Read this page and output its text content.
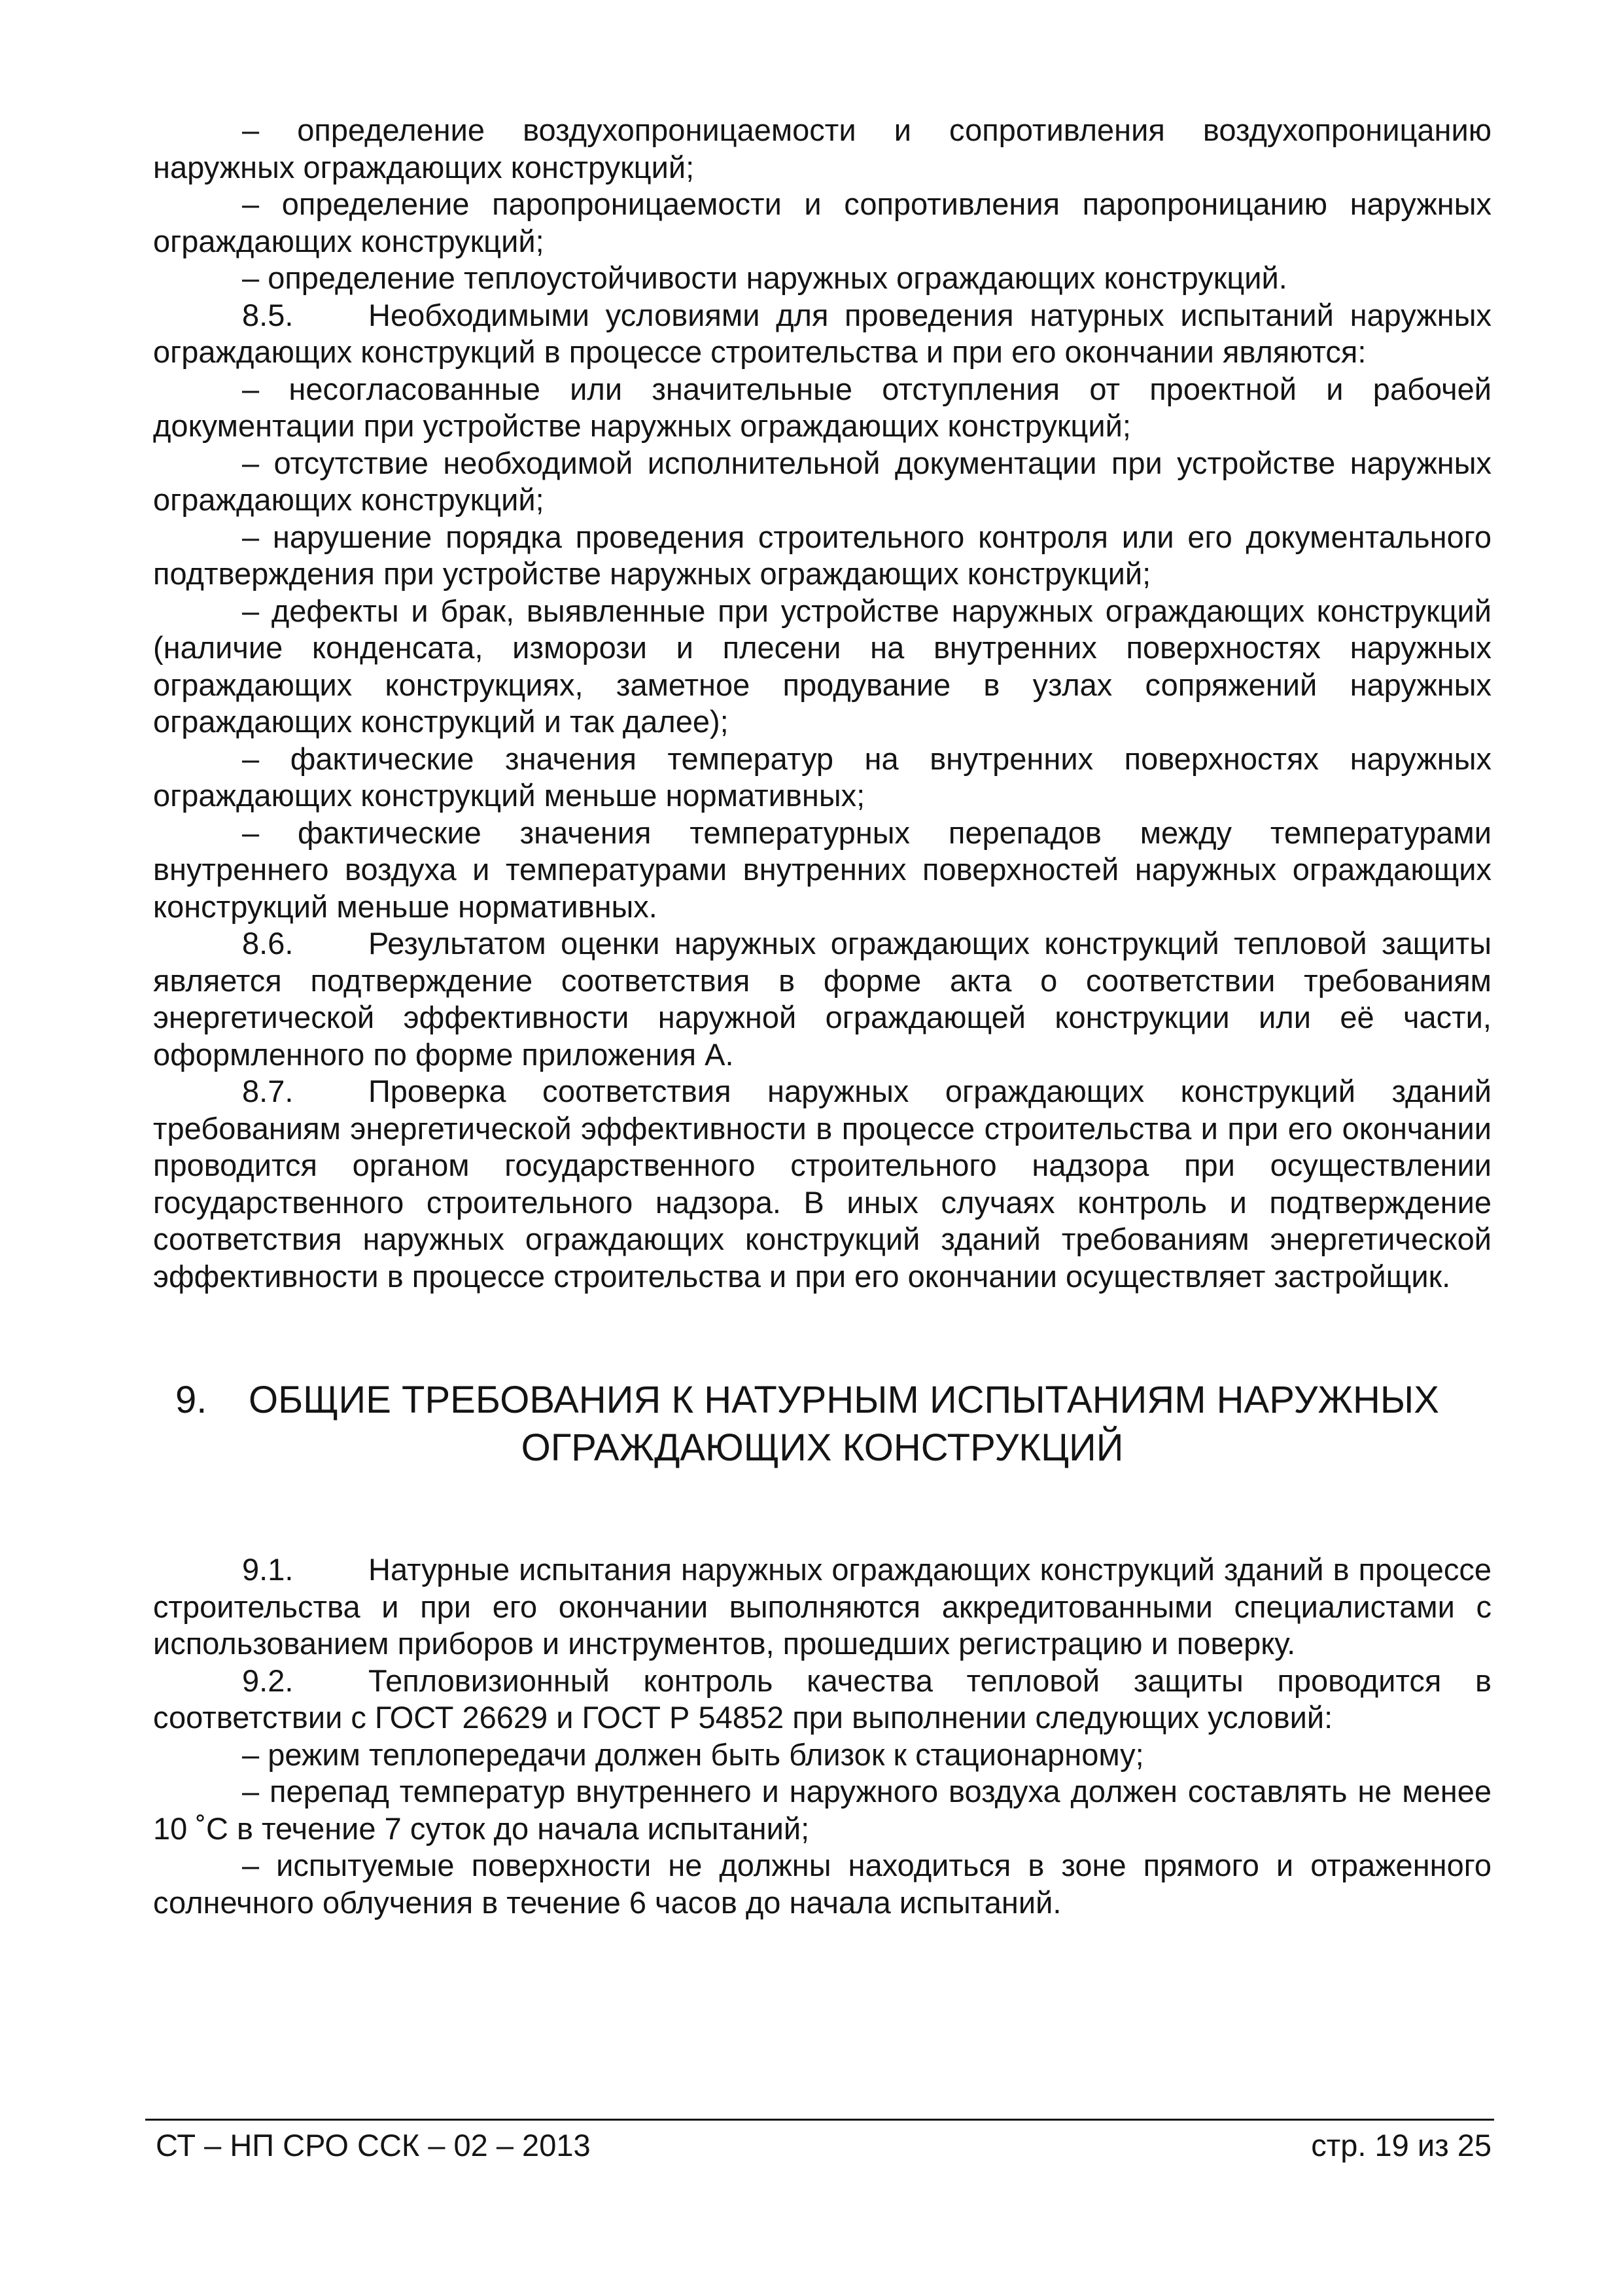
– определение воздухопроницаемости и сопротивления воздухопроницанию наружных ограждающих конструкций;

– определение паропроницаемости и сопротивления паропроницанию наружных ограждающих конструкций;

– определение теплоустойчивости наружных ограждающих конструкций.

8.5. Необходимыми условиями для проведения натурных испытаний наружных ограждающих конструкций в процессе строительства и при его окончании являются:

– несогласованные или значительные отступления от проектной и рабочей документации при устройстве наружных ограждающих конструкций;

– отсутствие необходимой исполнительной документации при устройстве наружных ограждающих конструкций;

– нарушение порядка проведения строительного контроля или его документального подтверждения при устройстве наружных ограждающих конструкций;

– дефекты и брак, выявленные при устройстве наружных ограждающих конструкций (наличие конденсата, изморози и плесени на внутренних поверхностях наружных ограждающих конструкциях, заметное продувание в узлах сопряжений наружных ограждающих конструкций и так далее);

– фактические значения температур на внутренних поверхностях наружных ограждающих конструкций меньше нормативных;

– фактические значения температурных перепадов между температурами внутреннего воздуха и температурами внутренних поверхностей наружных ограждающих конструкций меньше нормативных.

8.6. Результатом оценки наружных ограждающих конструкций тепловой защиты является подтверждение соответствия в форме акта о соответствии требованиям энергетической эффективности наружной ограждающей конструкции или её части, оформленного по форме приложения А.

8.7. Проверка соответствия наружных ограждающих конструкций зданий требованиям энергетической эффективности в процессе строительства и при его окончании проводится органом государственного строительного надзора при осуществлении государственного строительного надзора. В иных случаях контроль и подтверждение соответствия наружных ограждающих конструкций зданий требованиям энергетической эффективности в процессе строительства и при его окончании осуществляет застройщик.

9. ОБЩИЕ ТРЕБОВАНИЯ К НАТУРНЫМ ИСПЫТАНИЯМ НАРУЖНЫХ
ОГРАЖДАЮЩИХ КОНСТРУКЦИЙ

9.1. Натурные испытания наружных ограждающих конструкций зданий в процессе строительства и при его окончании выполняются аккредитованными специалистами с использованием приборов и инструментов, прошедших регистрацию и поверку.

9.2. Тепловизионный контроль качества тепловой защиты проводится в соответствии с ГОСТ 26629 и ГОСТ Р 54852 при выполнении следующих условий:

– режим теплопередачи должен быть близок к стационарному;

– перепад температур внутреннего и наружного воздуха должен составлять не менее 10 ˚С в течение 7 суток до начала испытаний;

– испытуемые поверхности не должны находиться в зоне прямого и отраженного солнечного облучения в течение 6 часов до начала испытаний.

СТ – НП СРО ССК – 02 – 2013	стр. 19 из 25
